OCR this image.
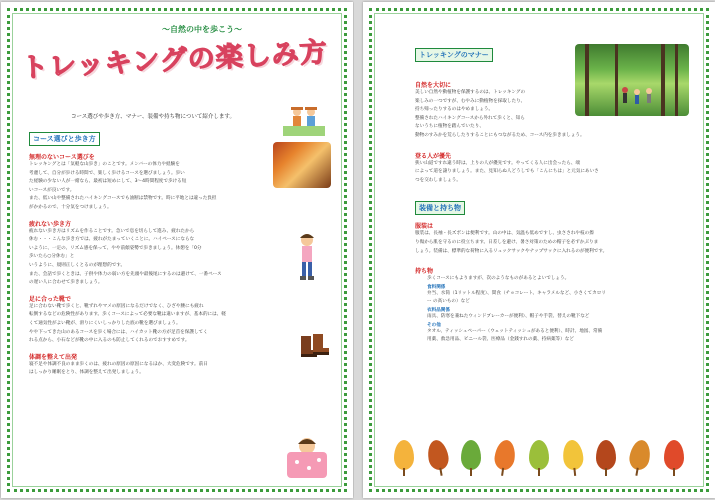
〜自然の中を歩こう〜
トレッキングの楽しみ方
コース選びや歩き方、マナー、装備や持ち物について紹介します。
コース選びと歩き方
無理のないコース選びを
トレッキングとは「気軽な山歩き」のことです。メンバーの体力や経験を
考慮して、自分が歩ける時間で、楽しく歩けるコースを選びましょう。歩い
た経験の少ない人が一緒なら、最初は短めにして、3～4時間程度で歩ける短
いコースが良いです。
また、低い山や整備されたハイキングコースでも油断は禁物です。時に平地とは違った負担
がかかるので、十分気をつけましょう。
疲れない歩き方
疲れない歩き方はリズムを作ることです。急いで息を切らして進み、疲れたから
休む・・・こんな歩き方では、疲れがたまっていくことに。ハイペースにならな
いように、一定の、リズム感を保って、やや前傾姿勢で歩きましょう。休憩を「0分
歩いたら○分休む」と
いうように、規則正しくとるのが理想的です。
また、会話で歩くときは、子供や体力の弱い方を先頭や最後尾にするのは避けて、一番ペース
の遅い人に合わせて歩きましょう。
足に合った靴で
足に合わない靴で歩くと、靴ずれやマメの原因になるだけでなく、ひざや腰にも疲れ
転倒するなどの危険性があります。歩くコースによって必要な靴は違いますが、基本的には、軽
くて通気性がよい靴が、滑りにくいしっかりした底の靴を選びましょう。
やや下ってきた山のあるコースを歩く場合には、ハイカット靴の方が足首を保護してく
れる点から、小石などが靴の中に入るのも防止してくれるのでおすすめです。
体調を整えて出発
寝不足や体調不良のまま歩くのは、疲れの原因の原因になるほか、大変危険です。前日
はしっかり睡眠をとり、体調を整えて出発しましょう。
トレッキングのマナー
自然を大切に
美しい自然や動植物を保護するのは、トレッキングの
楽しみの一つですが、むやみに動植物を採取したり、
持ち帰ったりするのはやめましょう。
整備されたハイキングコースから外れて歩くと、知ら
ないうちに植物を踏んでいたり、
動物のすみかを荒らしたりすることにもつながるため、コース内を歩きましょう。
登る人が優先
狭い山道ですれ違う時は、上りの人が優先です。やってくる人に出会ったら、端
によって道を譲りましょう。また、見知らぬ人どうしでも「こんにちは」と元気にあいさ
つを交わしましょう。
装備と持ち物
服装は
服装は、長袖・長ズボンは便利です。山の中は、気温も低めですし、虫さされや枝の擦
り傷から肌を守るのに役立ちます。日差しを避け、暑さ対策のための帽子を必ずかぶりま
しょう。装備は、標準的な荷物に入るリュックサックやナップサックに入れるのが便利です。
持ち物
歩くコースにもよりますが、次のようなものがあるとよいでしょう。
食料関係
弁当、水筒（1リットル程度）、間食（チョコレート、キャラメルなど、小さくてカロリ
ー の高いもの）など
衣料品関係
雨具、防寒を兼ねたウィンドブレーカーが便利）、帽子や手袋、替えの靴下など
その他
タオル、ティッシュペーパー（ウェットティッシュがあると便利）、時計、地図、常備
用薬、救急用品、ビニール袋、医療品（金銭すれの薬、持病薬等）など
